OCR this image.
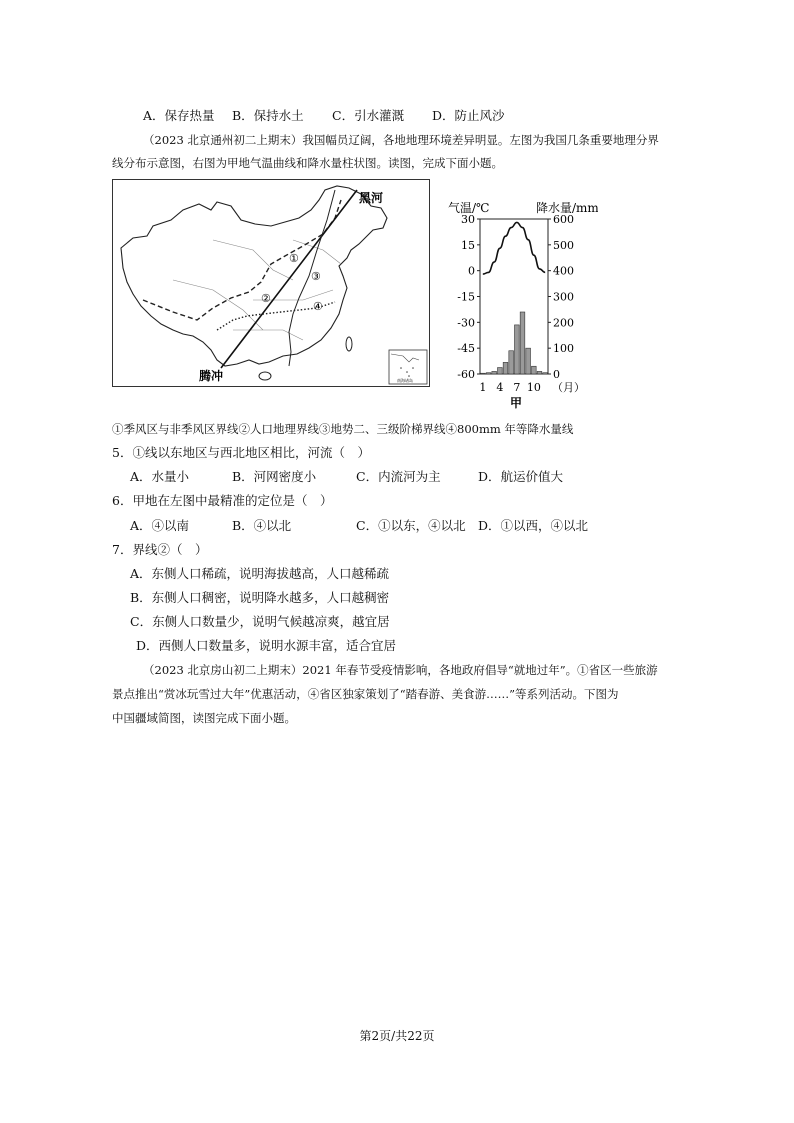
A．保存热量 B．保持水土 C．引水灌溉 D．防止风沙
（2023 北京通州初二上期末）我国幅员辽阔，各地地理环境差异明显。左图为我国几条重要地理分界
线分布示意图，右图为甲地气温曲线和降水量柱状图。读图，完成下面小题。
①
②
③
④
黑河
腾冲	南海诸岛
气温/℃	降水量/mm
30
15
0
-15
-30
-45
-60
600
500
400
300
200
100
0
1 4 7 10 （月）
甲
①季风区与非季风区界线②人口地理界线③地势二、三级阶梯界线④800mm 年等降水量线
5．①线以东地区与西北地区相比，河流（　）
A．水量小	B．河网密度小	C．内流河为主	D．航运价值大
6．甲地在左图中最精准的定位是（　）
A．④以南	B．④以北	C．①以东，④以北 D．①以西，④以北
7．界线②（　）
A．东侧人口稀疏，说明海拔越高，人口越稀疏
B．东侧人口稠密，说明降水越多，人口越稠密
C．东侧人口数量少，说明气候越凉爽，越宜居
D．西侧人口数量多，说明水源丰富，适合宜居
（2023 北京房山初二上期末）2021 年春节受疫情影响，各地政府倡导“就地过年”。①省区一些旅游
景点推出“赏冰玩雪过大年”优惠活动，④省区独家策划了“踏春游、美食游……”等系列活动。下图为
中国疆域简图，读图完成下面小题。
第2页/共22页
